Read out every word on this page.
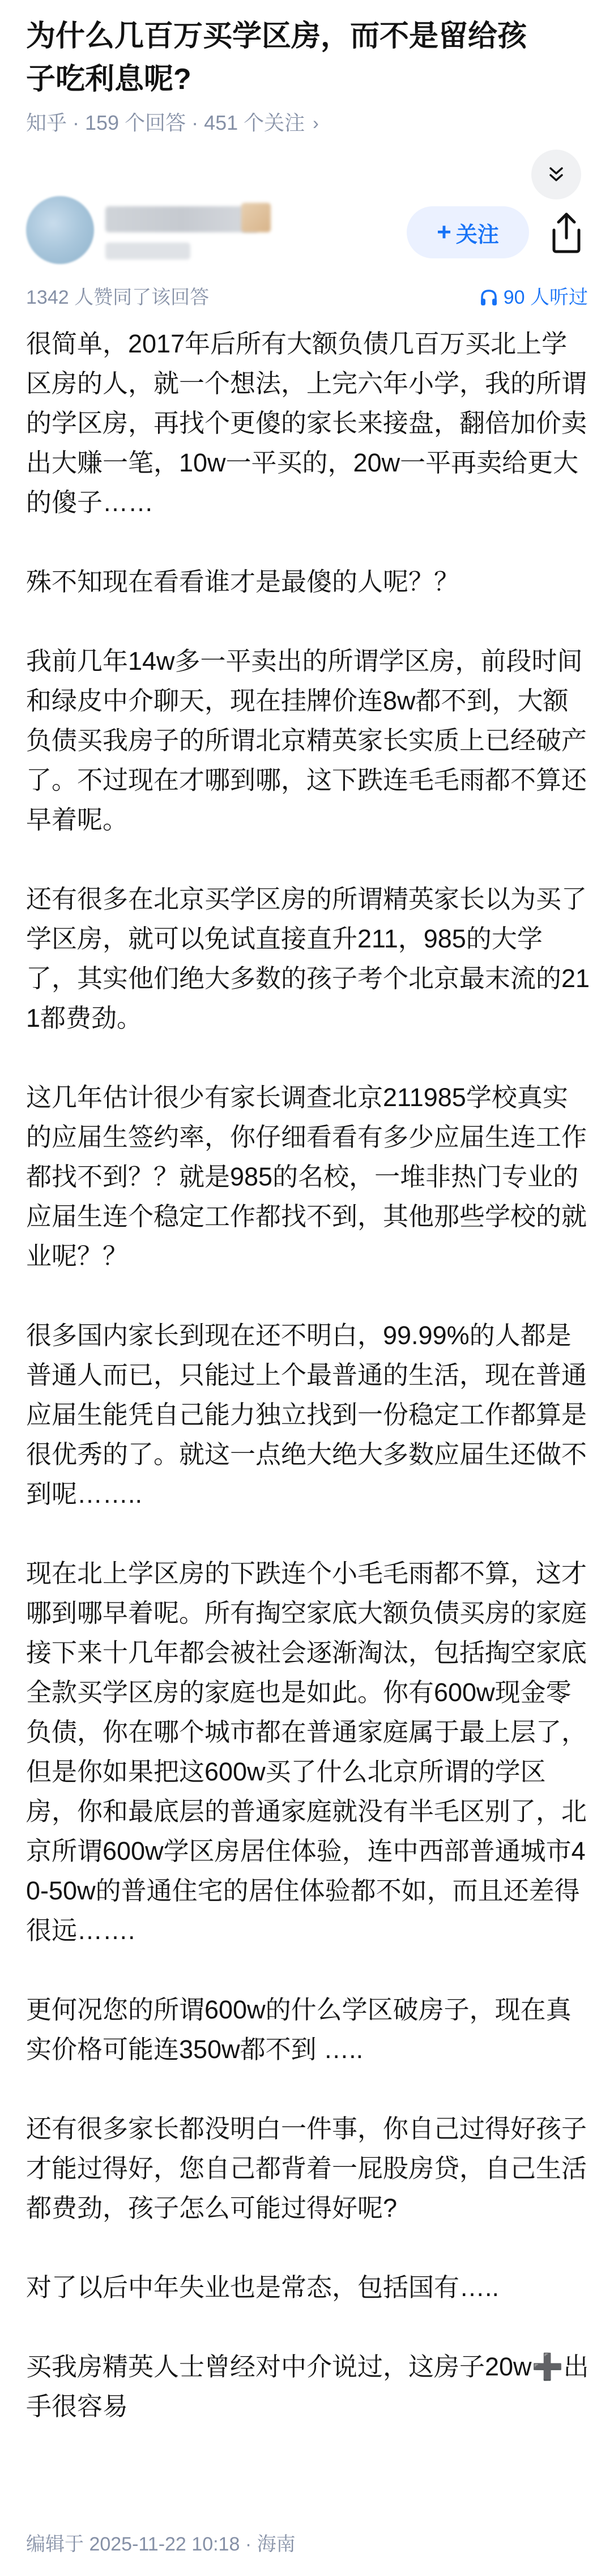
为什么几百万买学区房，而不是留给孩子吃利息呢?
知乎 · 159 个回答 · 451 个关注 ›
+ 关注
1342 人赞同了该回答	90 人听过

很简单，2017年后所有大额负债几百万买北上学区房的人，就一个想法，上完六年小学，我的所谓的学区房，再找个更傻的家长来接盘，翻倍加价卖出大赚一笔，10w一平买的，20w一平再卖给更大的傻子……

殊不知现在看看谁才是最傻的人呢？？

我前几年14w多一平卖出的所谓学区房，前段时间和绿皮中介聊天，现在挂牌价连8w都不到，大额负债买我房子的所谓北京精英家长实质上已经破产了。不过现在才哪到哪，这下跌连毛毛雨都不算还早着呢。

还有很多在北京买学区房的所谓精英家长以为买了学区房，就可以免试直接直升211，985的大学了，其实他们绝大多数的孩子考个北京最末流的211都费劲。

这几年估计很少有家长调查北京211985学校真实的应届生签约率，你仔细看看有多少应届生连工作都找不到？？就是985的名校，一堆非热门专业的应届生连个稳定工作都找不到，其他那些学校的就业呢？？

很多国内家长到现在还不明白，99.99%的人都是普通人而已，只能过上个最普通的生活，现在普通应届生能凭自己能力独立找到一份稳定工作都算是很优秀的了。就这一点绝大绝大多数应届生还做不到呢……..

现在北上学区房的下跌连个小毛毛雨都不算，这才哪到哪早着呢。所有掏空家底大额负债买房的家庭接下来十几年都会被社会逐渐淘汰，包括掏空家底全款买学区房的家庭也是如此。你有600w现金零负债，你在哪个城市都在普通家庭属于最上层了，但是你如果把这600w买了什么北京所谓的学区房，你和最底层的普通家庭就没有半毛区别了，北京所谓600w学区房居住体验，连中西部普通城市40-50w的普通住宅的居住体验都不如，而且还差得很远…….

更何况您的所谓600w的什么学区破房子，现在真实价格可能连350w都不到 …..

还有很多家长都没明白一件事，你自己过得好孩子才能过得好，您自己都背着一屁股房贷，自己生活都费劲，孩子怎么可能过得好呢?

对了以后中年失业也是常态，包括国有…..

买我房精英人士曾经对中介说过，这房子20w➕出手很容易

编辑于 2025-11-22 10:18 · 海南
